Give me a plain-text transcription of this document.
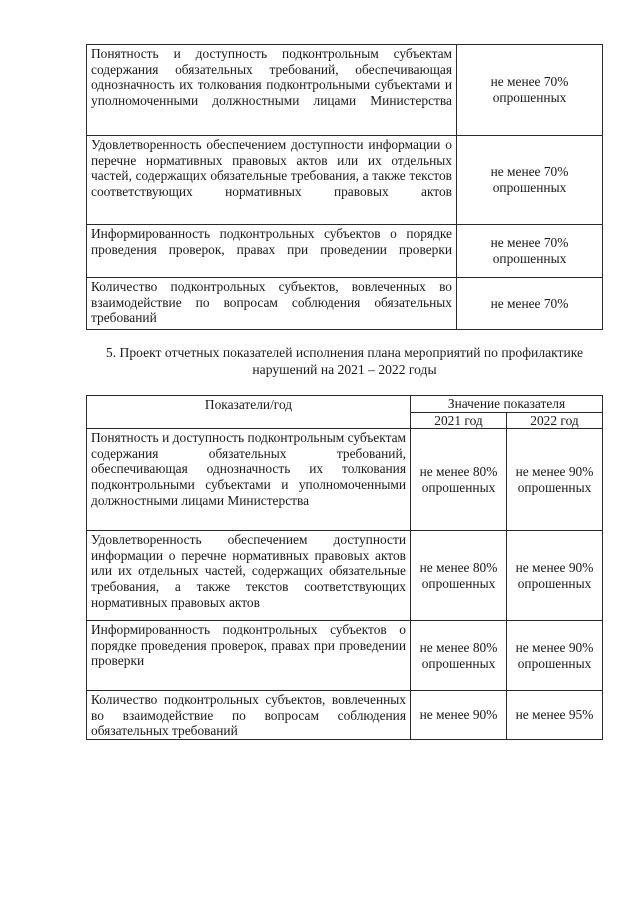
Понятность и доступность подконтрольным субъектам содержания обязательных требований, обеспечивающая однозначность их толкования подконтрольными субъектами и уполномоченными должностными лицами Министерства	не менее 70% опрошенных
Удовлетворенность обеспечением доступности информации о перечне нормативных правовых актов или их отдельных частей, содержащих обязательные требования, а также текстов соответствующих нормативных правовых актов	не менее 70% опрошенных
Информированность подконтрольных субъектов о порядке проведения проверок, правах при проведении проверки	не менее 70% опрошенных
Количество подконтрольных субъектов, вовлеченных во взаимодействие по вопросам соблюдения обязательных требований	не менее 70%
5. Проект отчетных показателей исполнения плана мероприятий по профилактике нарушений на 2021 – 2022 годы
Показатели/год	Значение показателя	
	2021 год	2022 год
Понятность и доступность подконтрольным субъектам содержания обязательных требований, обеспечивающая однозначность их толкования подконтрольными субъектами и уполномоченными должностными лицами Министерства	не менее 80% опрошенных	не менее 90% опрошенных
Удовлетворенность обеспечением доступности информации о перечне нормативных правовых актов или их отдельных частей, содержащих обязательные требования, а также текстов соответствующих нормативных правовых актов	не менее 80% опрошенных	не менее 90% опрошенных
Информированность подконтрольных субъектов о порядке проведения проверок, правах при проведении проверки	не менее 80% опрошенных	не менее 90% опрошенных
Количество подконтрольных субъектов, вовлеченных во взаимодействие по вопросам соблюдения обязательных требований	не менее 90%	не менее 95%
